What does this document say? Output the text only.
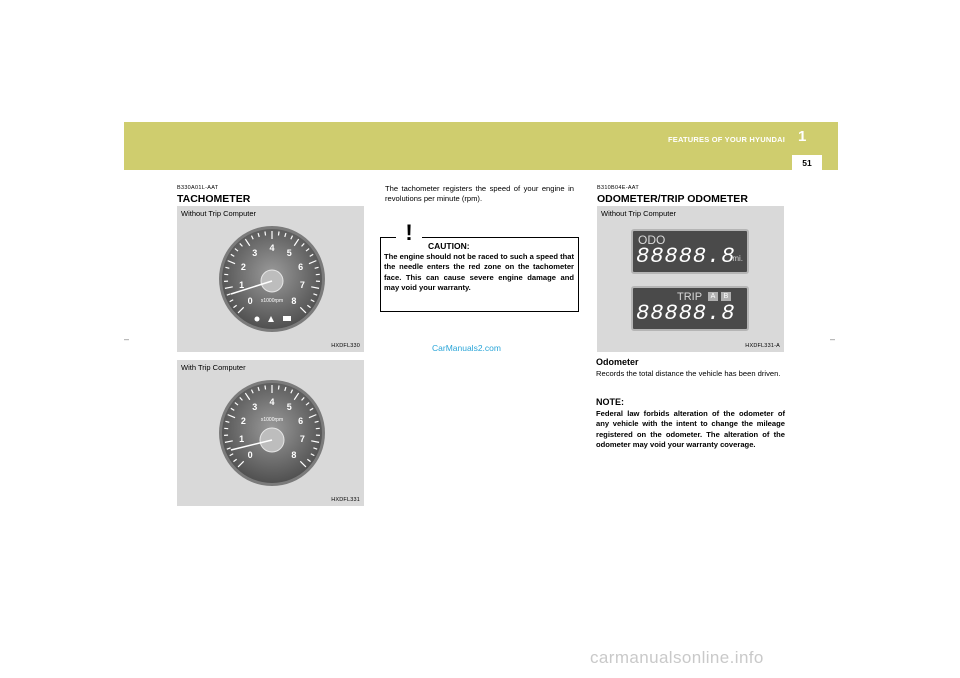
FEATURES OF YOUR HYUNDAI 1
51
–	–
B330A01L-AAT
TACHOMETER
Without Trip Computer
0
1
2
3
4
5
6
7
8
x1000rpm
HXDFL330
With Trip Computer
0
1
2
3
4
5
6
7
8
x1000rpm
HXDFL331
The tachometer registers the speed of your engine in revolutions per minute (rpm).
!
CAUTION:
The engine should not be raced to such a speed that the needle enters the red zone on the tachometer face. This can cause severe engine damage and may void your warranty.
CarManuals2.com
B310B04E-AAT
ODOMETER/TRIP ODOMETER
Without Trip Computer
ODO
88888.8
mi.
TRIP	A	B
88888.8
HXDFL331-A
Odometer
Records the total distance the vehicle has been driven.
NOTE:
Federal law forbids alteration of the odometer of any vehicle with the intent to change the mileage registered on the odometer. The alteration of the odometer may void your warranty coverage.
carmanualsonline.info
